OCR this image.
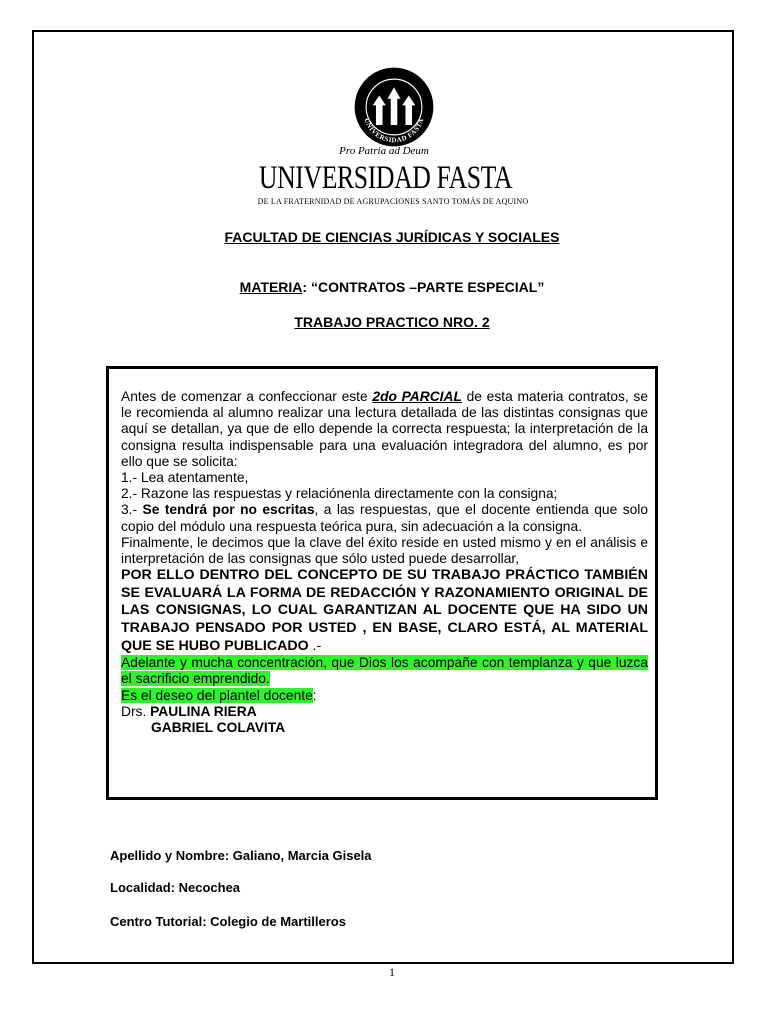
UNIVERSIDAD FASTA
Pro Patria ad Deum
UNIVERSIDAD FASTA
DE LA FRATERNIDAD DE AGRUPACIONES SANTO TOMÁS DE AQUINO
FACULTAD DE CIENCIAS JURÍDICAS Y SOCIALES
MATERIA: “CONTRATOS –PARTE ESPECIAL”
TRABAJO PRACTICO NRO. 2

Antes de comenzar a confeccionar este 2do PARCIAL de esta materia contratos, se le recomienda al alumno realizar una lectura detallada de las distintas consignas que aquí se detallan, ya que de ello depende la correcta respuesta; la interpretación de la consigna resulta indispensable para una evaluación integradora del alumno, es por ello que se solicita:

1.- Lea atentamente,

2.- Razone las respuestas y relaciónenla directamente con la consigna;

3.- Se tendrá por no escritas, a las respuestas, que el docente entienda que solo copio del módulo una respuesta teórica pura, sin adecuación a la consigna.

Finalmente, le decimos que la clave del éxito reside en usted mismo y en el análisis e interpretación de las consignas que sólo usted puede desarrollar,

POR ELLO DENTRO DEL CONCEPTO DE SU TRABAJO PRÁCTICO TAMBIÉN SE EVALUARÁ LA FORMA DE REDACCIÓN Y RAZONAMIENTO ORIGINAL DE LAS CONSIGNAS, LO CUAL GARANTIZAN AL DOCENTE QUE HA SIDO UN TRABAJO PENSADO POR USTED , EN BASE, CLARO ESTÁ, AL MATERIAL QUE SE HUBO PUBLICADO .-

Adelante y mucha concentración, que Dios los acompañe con templanza y que luzca el sacrificio emprendido.

Es el deseo del plantel docente:

Drs. PAULINA RIERA

GABRIEL COLAVITA

Apellido y Nombre: Galiano, Marcia Gisela
Localidad: Necochea
Centro Tutorial: Colegio de Martilleros
1
